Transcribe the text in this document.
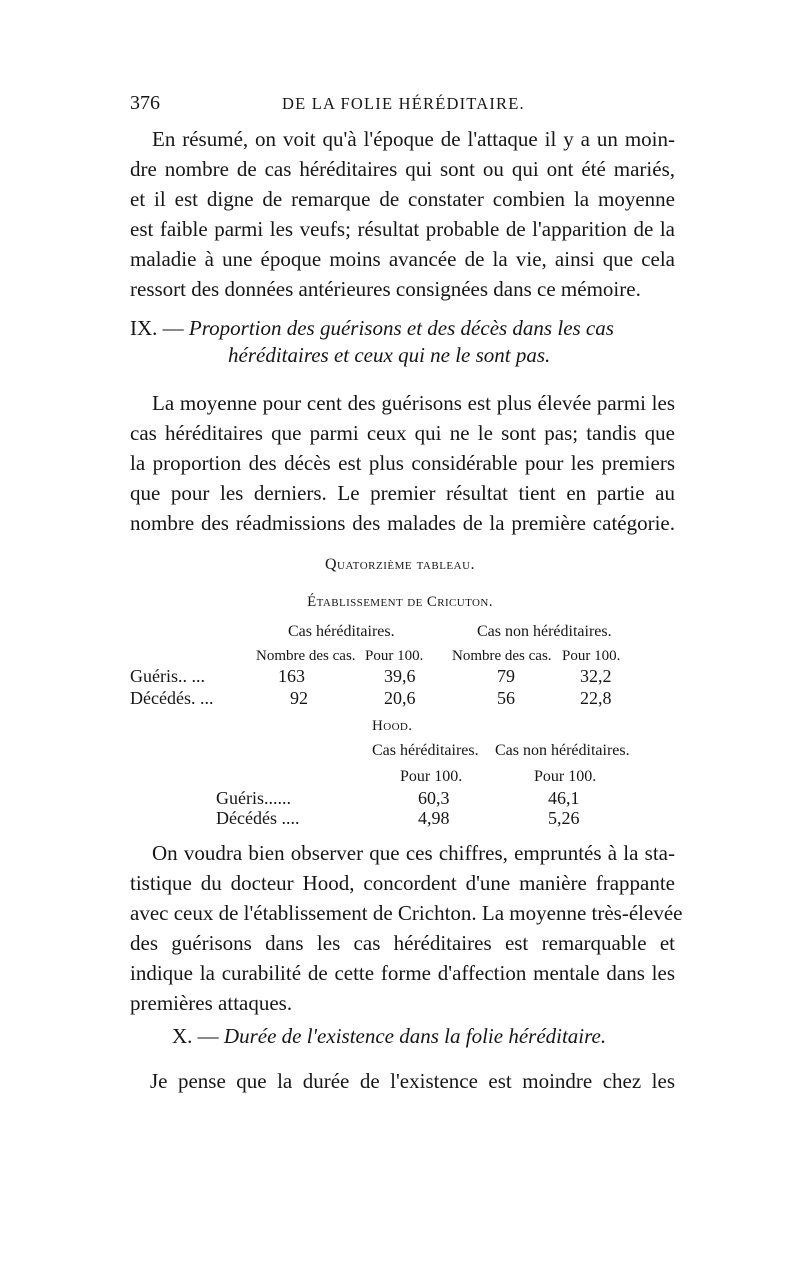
376	DE LA FOLIE HÉRÉDITAIRE.
En résumé, on voit qu'à l'époque de l'attaque il y a un moin-
dre nombre de cas héréditaires qui sont ou qui ont été mariés,
et il est digne de remarque de constater combien la moyenne
est faible parmi les veufs; résultat probable de l'apparition de la
maladie à une époque moins avancée de la vie, ainsi que cela
ressort des données antérieures consignées dans ce mémoire.
IX. — Proportion des guérisons et des décès dans les cas
héréditaires et ceux qui ne le sont pas.
La moyenne pour cent des guérisons est plus élevée parmi les
cas héréditaires que parmi ceux qui ne le sont pas; tandis que
la proportion des décès est plus considérable pour les premiers
que pour les derniers. Le premier résultat tient en partie au
nombre des réadmissions des malades de la première catégorie.
Quatorzième tableau.
Établissement de Cricuton.
Cas héréditaires.	Cas non héréditaires.
Nombre des cas. Pour 100. Nombre des cas. Pour 100.
Guéris.. ...	163	39,6	79	32,2
Décédés. ...	92	20,6	56	22,8
Hood.
Cas héréditaires. Cas non héréditaires.
Pour 100.	Pour 100.
Guéris......	60,3	46,1
Décédés ....	4,98	5,26
On voudra bien observer que ces chiffres, empruntés à la sta-
tistique du docteur Hood, concordent d'une manière frappante
avec ceux de l'établissement de Crichton. La moyenne très-élevée
des guérisons dans les cas héréditaires est remarquable et
indique la curabilité de cette forme d'affection mentale dans les
premières attaques.
X. — Durée de l'existence dans la folie héréditaire.
Je pense que la durée de l'existence est moindre chez les
